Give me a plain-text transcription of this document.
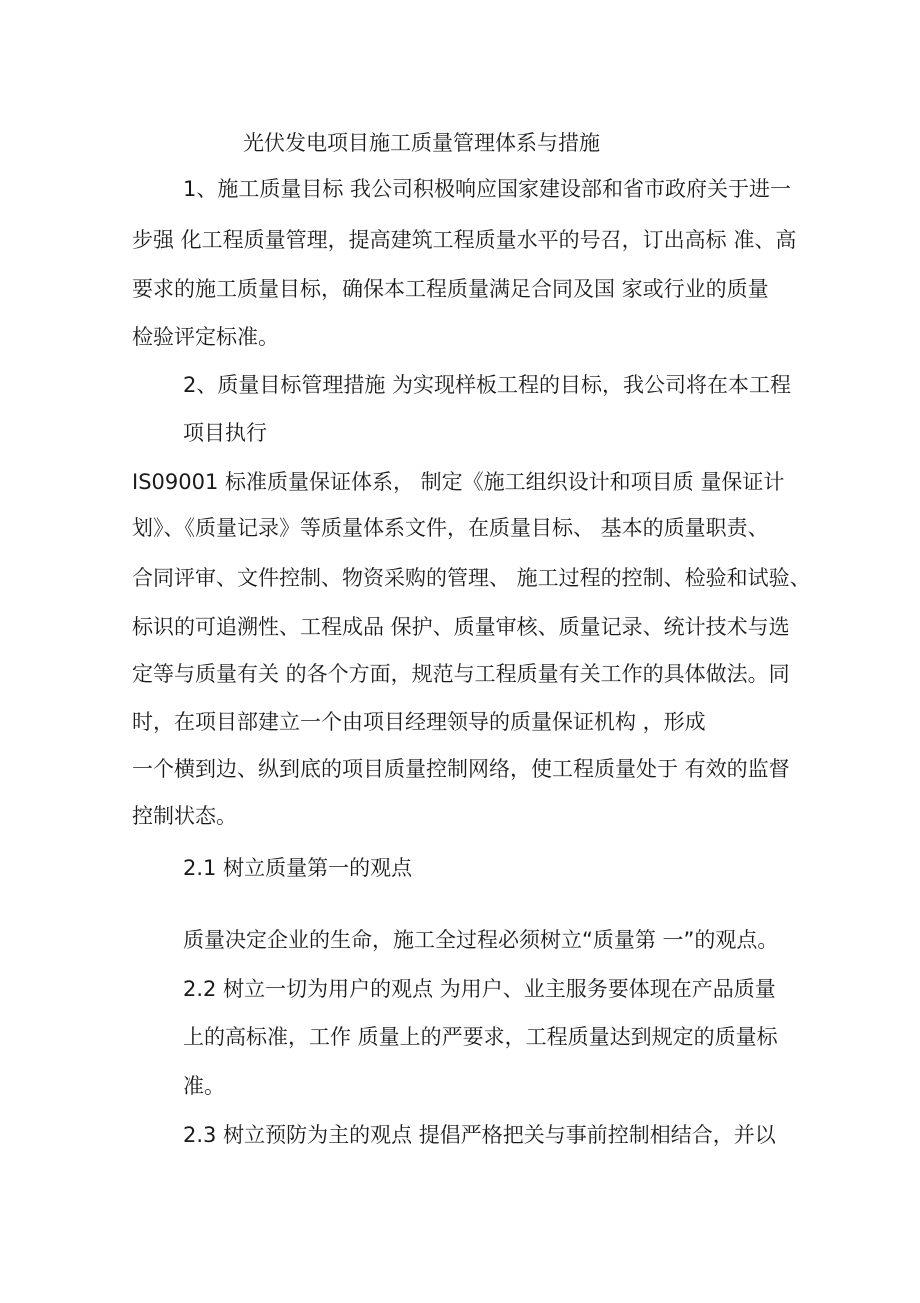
光伏发电项目施工质量管理体系与措施
1、施工质量目标 我公司积极响应国家建设部和省市政府关于进一
步强 化工程质量管理，提高建筑工程质量水平的号召，订出高标 准、高
要求的施工质量目标，确保本工程质量满足合同及国 家或行业的质量
检验评定标准。
2、质量目标管理措施 为实现样板工程的目标，我公司将在本工程
项目执行
IS09001 标准质量保证体系， 制定《施工组织设计和项目质 量保证计
划》、《质量记录》等质量体系文件，在质量目标、 基本的质量职责、
合同评审、文件控制、物资采购的管理、 施工过程的控制、检验和试验、
标识的可追溯性、工程成品 保护、质量审核、质量记录、统计技术与选
定等与质量有关 的各个方面，规范与工程质量有关工作的具体做法。同
时，在项目部建立一个由项目经理领导的质量保证机构 ，形成
一个横到边、纵到底的项目质量控制网络，使工程质量处于 有效的监督
控制状态。
2.1 树立质量第一的观点
质量决定企业的生命，施工全过程必须树立“质量第 一”的观点。
2.2 树立一切为用户的观点 为用户、业主服务要体现在产品质量
上的高标准，工作 质量上的严要求，工程质量达到规定的质量标
准。
2.3 树立预防为主的观点 提倡严格把关与事前控制相结合，并以
